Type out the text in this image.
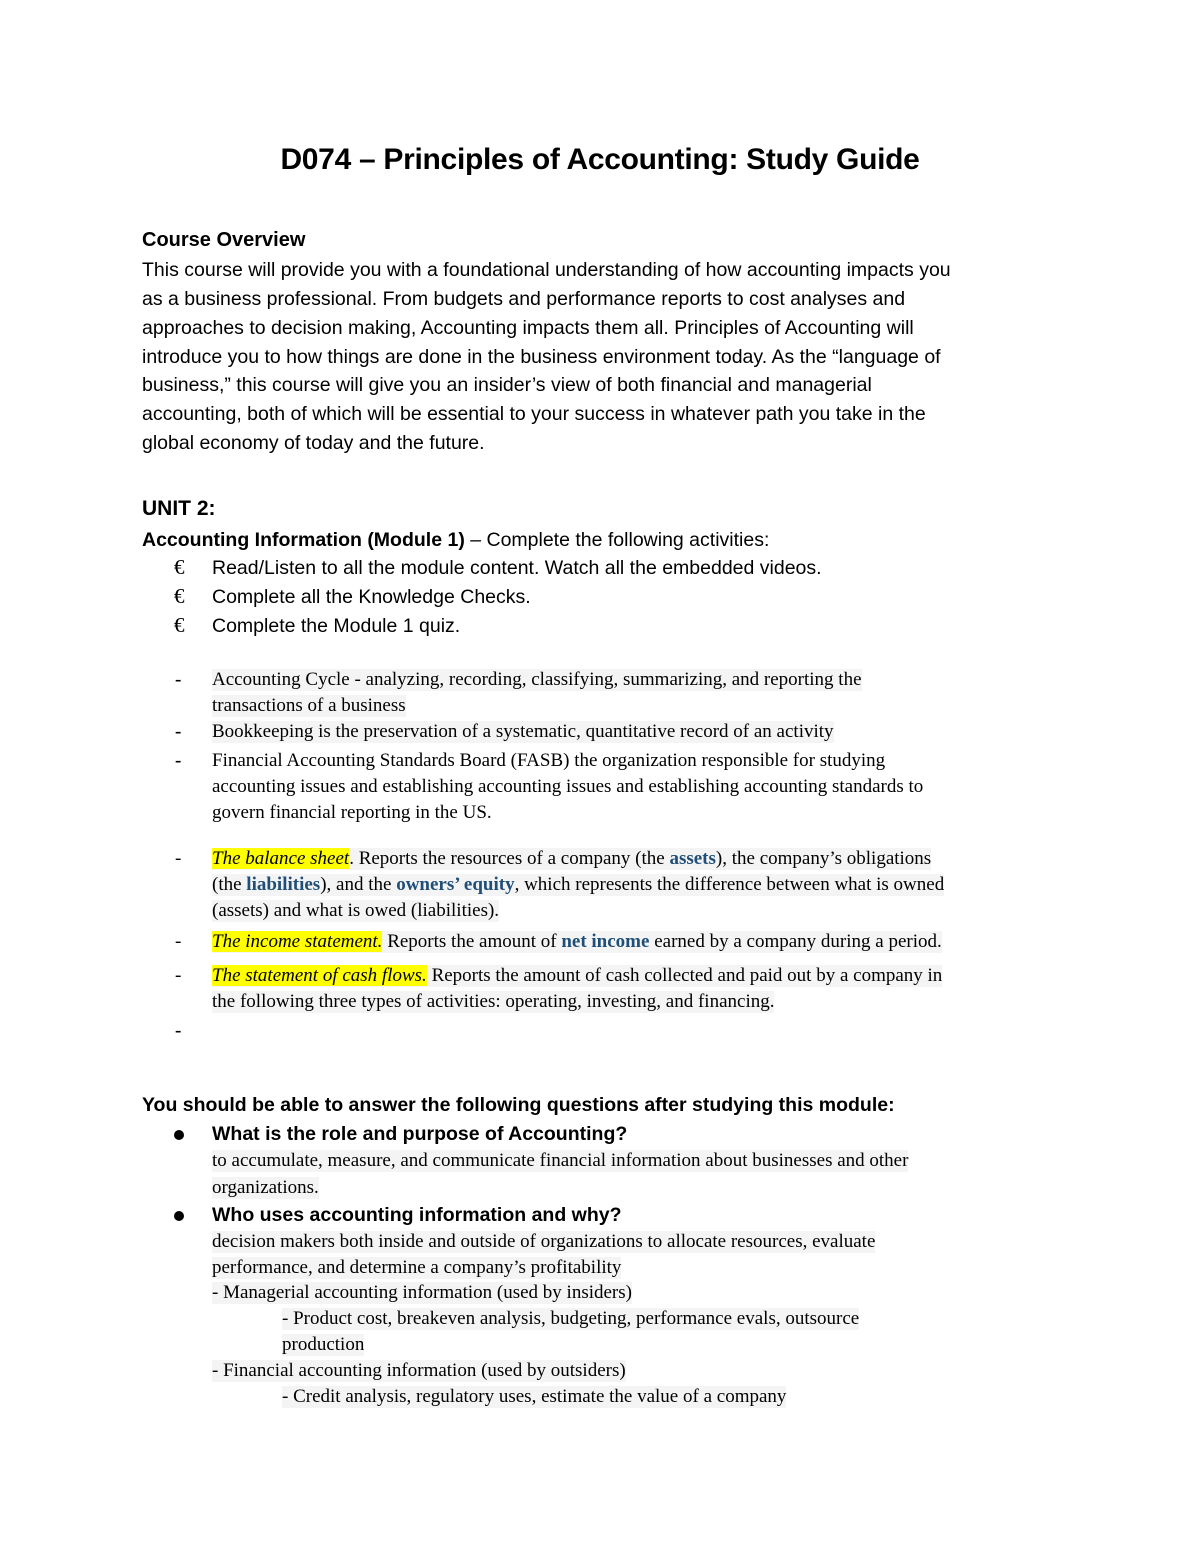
D074 – Principles of Accounting: Study Guide
Course Overview
This course will provide you with a foundational understanding of how accounting impacts you
as a business professional. From budgets and performance reports to cost analyses and
approaches to decision making, Accounting impacts them all. Principles of Accounting will
introduce you to how things are done in the business environment today. As the “language of
business,” this course will give you an insider’s view of both financial and managerial
accounting, both of which will be essential to your success in whatever path you take in the
global economy of today and the future.
UNIT 2:
Accounting Information (Module 1) – Complete the following activities:
€ Read/Listen to all the module content. Watch all the embedded videos.
€ Complete all the Knowledge Checks.
€ Complete the Module 1 quiz.
- Accounting Cycle - analyzing, recording, classifying, summarizing, and reporting the
transactions of a business
- Bookkeeping is the preservation of a systematic, quantitative record of an activity
- Financial Accounting Standards Board (FASB) the organization responsible for studying
accounting issues and establishing accounting issues and establishing accounting standards to
govern financial reporting in the US.
- The balance sheet. Reports the resources of a company (the assets), the company’s obligations
(the liabilities), and the owners’ equity, which represents the difference between what is owned
(assets) and what is owed (liabilities).
- The income statement. Reports the amount of net income earned by a company during a period.
- The statement of cash flows. Reports the amount of cash collected and paid out by a company in
the following three types of activities: operating, investing, and financing.
-
You should be able to answer the following questions after studying this module:
What is the role and purpose of Accounting?
to accumulate, measure, and communicate financial information about businesses and other
organizations.
Who uses accounting information and why?
decision makers both inside and outside of organizations to allocate resources, evaluate
performance, and determine a company’s profitability
- Managerial accounting information (used by insiders)
- Product cost, breakeven analysis, budgeting, performance evals, outsource
production
- Financial accounting information (used by outsiders)
- Credit analysis, regulatory uses, estimate the value of a company
